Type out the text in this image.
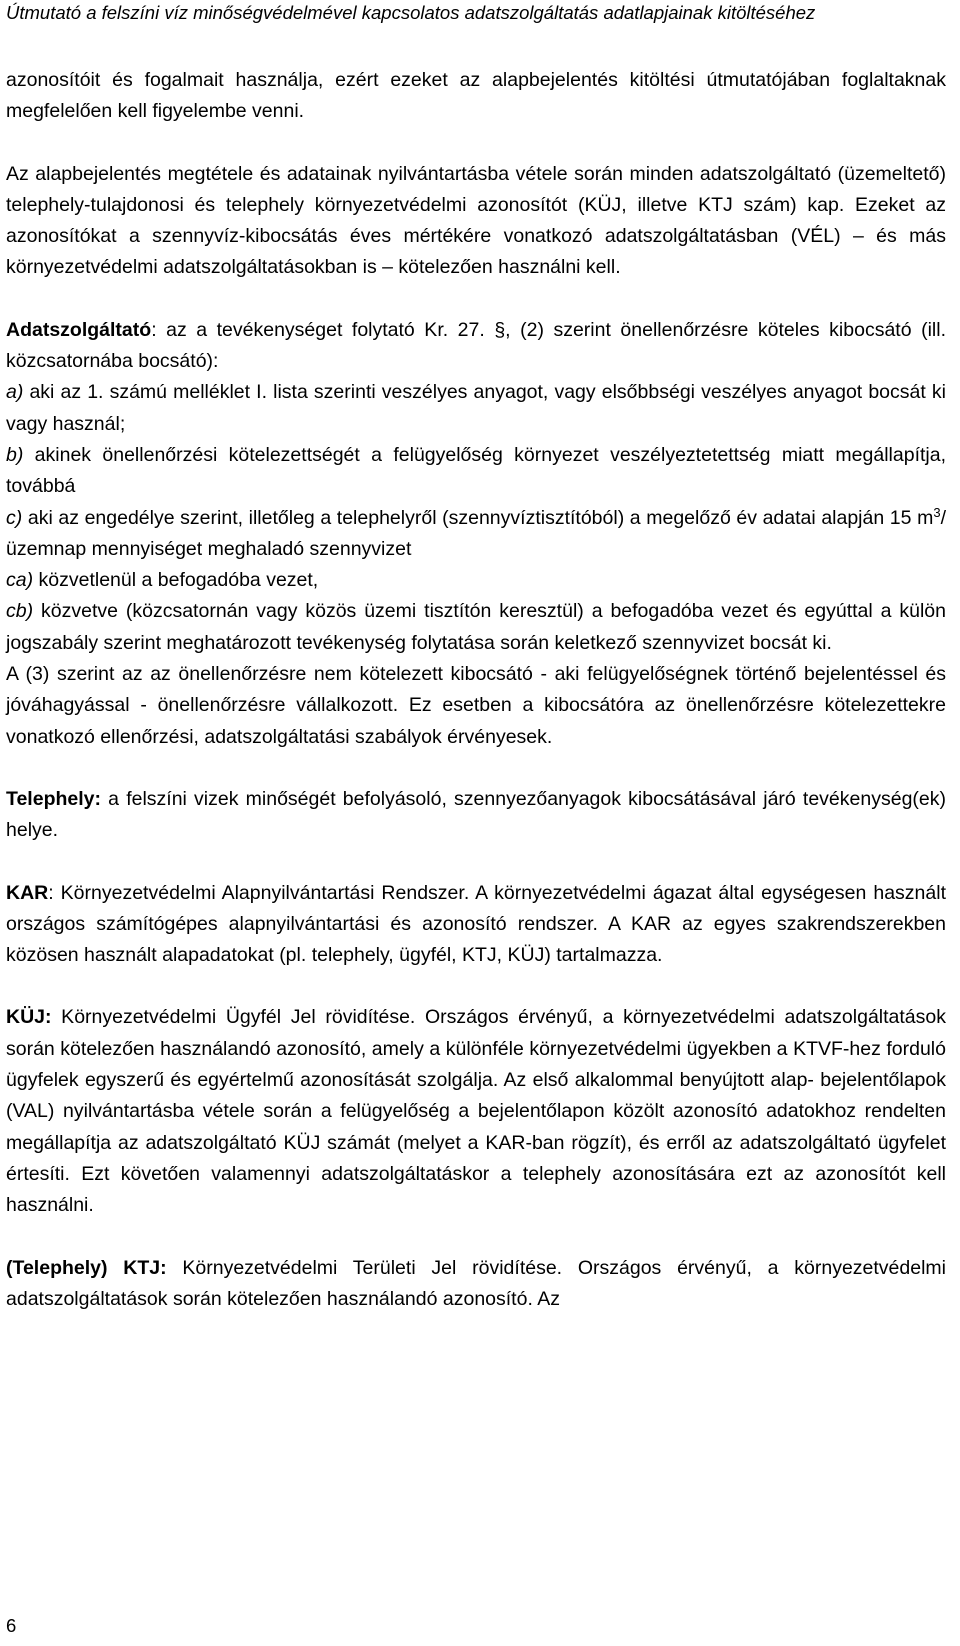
Útmutató a felszíni víz minőségvédelmével kapcsolatos adatszolgáltatás adatlapjainak kitöltéséhez

azonosítóit és fogalmait használja, ezért ezeket az alapbejelentés kitöltési útmutatójában foglaltaknak megfelelően kell figyelembe venni.

Az alapbejelentés megtétele és adatainak nyilvántartásba vétele során minden adatszolgáltató (üzemeltető) telephely-tulajdonosi és telephely környezetvédelmi azonosítót (KÜJ, illetve KTJ szám) kap. Ezeket az azonosítókat a szennyvíz-kibocsátás éves mértékére vonatkozó adatszolgáltatásban (VÉL) – és más környezetvédelmi adatszolgáltatásokban is – kötelezően használni kell.

Adatszolgáltató: az a tevékenységet folytató Kr. 27. §, (2) szerint önellenőrzésre köteles kibocsátó (ill. közcsatornába bocsátó):

a) aki az 1. számú melléklet I. lista szerinti veszélyes anyagot, vagy elsőbbségi veszélyes anyagot bocsát ki vagy használ;

b) akinek önellenőrzési kötelezettségét a felügyelőség környezet veszélyeztetettség miatt megállapítja, továbbá

c) aki az engedélye szerint, illetőleg a telephelyről (szennyvíztisztítóból) a megelőző év adatai alapján 15 $m^3$/üzemnap mennyiséget meghaladó szennyvizet

ca) közvetlenül a befogadóba vezet,

cb) közvetve (közcsatornán vagy közös üzemi tisztítón keresztül) a befogadóba vezet és egyúttal a külön jogszabály szerint meghatározott tevékenység folytatása során keletkező szennyvizet bocsát ki.

A (3) szerint az az önellenőrzésre nem kötelezett kibocsátó - aki felügyelőségnek történő bejelentéssel és jóváhagyással - önellenőrzésre vállalkozott. Ez esetben a kibocsátóra az önellenőrzésre kötelezettekre vonatkozó ellenőrzési, adatszolgáltatási szabályok érvényesek.

Telephely: a felszíni vizek minőségét befolyásoló, szennyezőanyagok kibocsátásával járó tevékenység(ek) helye.

KAR: Környezetvédelmi Alapnyilvántartási Rendszer. A környezetvédelmi ágazat által egységesen használt országos számítógépes alapnyilvántartási és azonosító rendszer. A KAR az egyes szakrendszerekben közösen használt alapadatokat (pl. telephely, ügyfél, KTJ, KÜJ) tartalmazza.

KÜJ: Környezetvédelmi Ügyfél Jel rövidítése. Országos érvényű, a környezetvédelmi adatszolgáltatások során kötelezően használandó azonosító, amely a különféle környezetvédelmi ügyekben a KTVF-hez forduló ügyfelek egyszerű és egyértelmű azonosítását szolgálja. Az első alkalommal benyújtott alap- bejelentőlapok (VAL) nyilvántartásba vétele során a felügyelőség a bejelentőlapon közölt azonosító adatokhoz rendelten megállapítja az adatszolgáltató KÜJ számát (melyet a KAR-ban rögzít), és erről az adatszolgáltató ügyfelet értesíti. Ezt követően valamennyi adatszolgáltatáskor a telephely azonosítására ezt az azonosítót kell használni.

(Telephely) KTJ: Környezetvédelmi Területi Jel rövidítése. Országos érvényű, a környezetvédelmi adatszolgáltatások során kötelezően használandó azonosító. Az

6
